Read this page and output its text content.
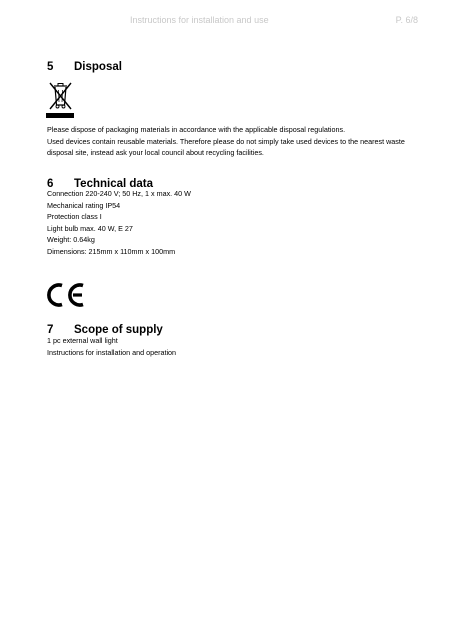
Instructions for installation and use	P. 6/8
5 Disposal

Please dispose of packaging materials in accordance with the applicable disposal regulations.

Used devices contain reusable materials. Therefore please do not simply take used devices to the nearest waste

disposal site, instead ask your local council about recycling facilities.

6 Technical data

Connection 220-240 V; 50 Hz, 1 x max. 40 W

Mechanical rating IP54

Protection class I

Light bulb max. 40 W, E 27

Weight: 0.64kg

Dimensions: 215mm x 110mm x 100mm

7 Scope of supply

1 pc external wall light

Instructions for installation and operation
